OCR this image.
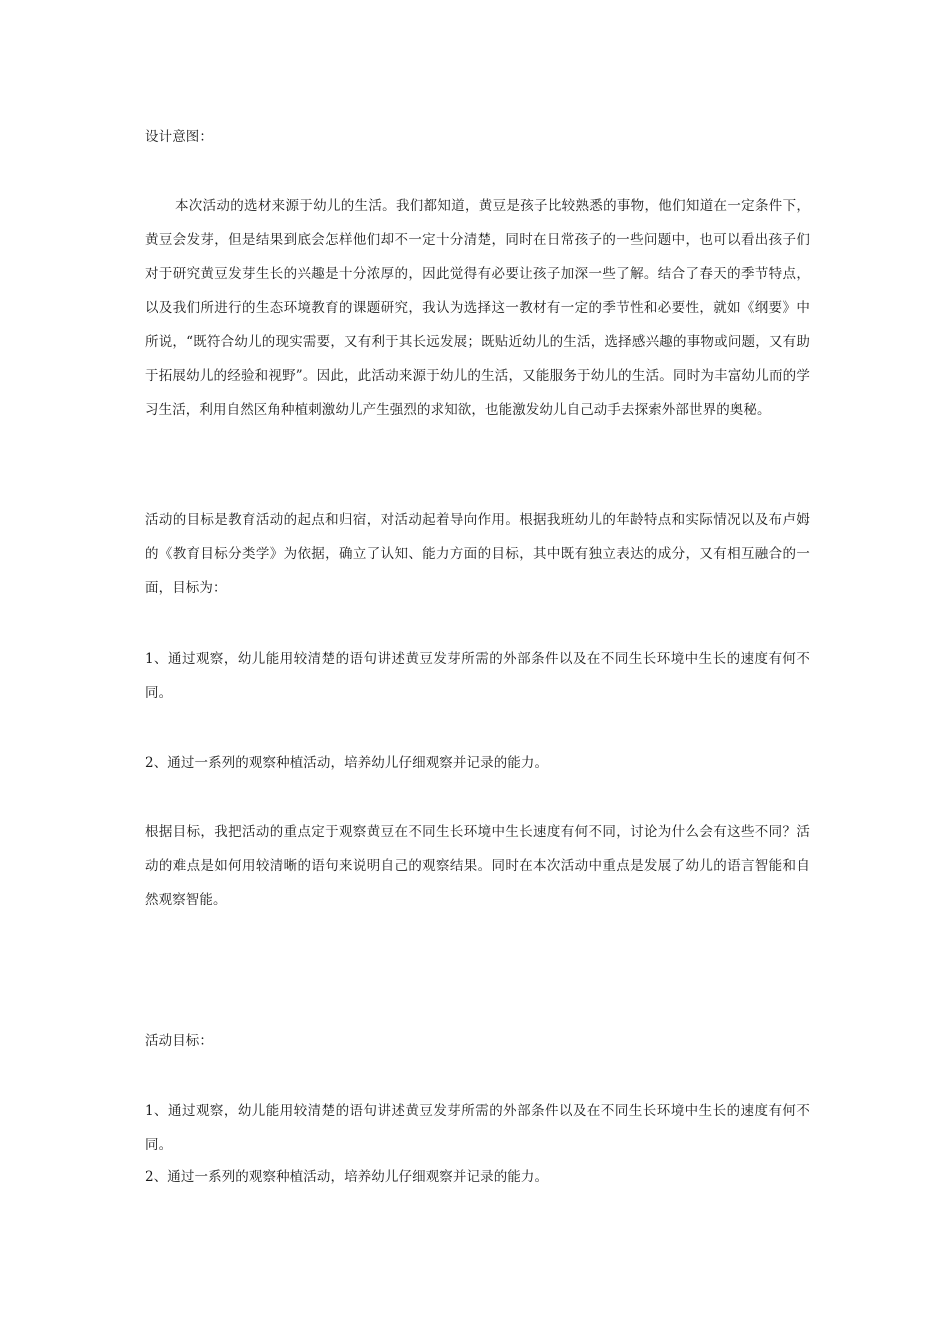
设计意图：

本次活动的选材来源于幼儿的生活。我们都知道，黄豆是孩子比较熟悉的事物，他们知道在一定条件下，黄豆会发芽，但是结果到底会怎样他们却不一定十分清楚，同时在日常孩子的一些问题中，也可以看出孩子们对于研究黄豆发芽生长的兴趣是十分浓厚的，因此觉得有必要让孩子加深一些了解。结合了春天的季节特点，以及我们所进行的生态环境教育的课题研究，我认为选择这一教材有一定的季节性和必要性，就如《纲要》中所说，“既符合幼儿的现实需要，又有利于其长远发展；既贴近幼儿的生活，选择感兴趣的事物或问题，又有助于拓展幼儿的经验和视野”。因此，此活动来源于幼儿的生活，又能服务于幼儿的生活。同时为丰富幼儿而的学习生活，利用自然区角种植刺激幼儿产生强烈的求知欲，也能激发幼儿自己动手去探索外部世界的奥秘。

活动的目标是教育活动的起点和归宿，对活动起着导向作用。根据我班幼儿的年龄特点和实际情况以及布卢姆的《教育目标分类学》为依据，确立了认知、能力方面的目标，其中既有独立表达的成分，又有相互融合的一面，目标为：

1、通过观察，幼儿能用较清楚的语句讲述黄豆发芽所需的外部条件以及在不同生长环境中生长的速度有何不同。

2、通过一系列的观察种植活动，培养幼儿仔细观察并记录的能力。

根据目标，我把活动的重点定于观察黄豆在不同生长环境中生长速度有何不同，讨论为什么会有这些不同？活动的难点是如何用较清晰的语句来说明自己的观察结果。同时在本次活动中重点是发展了幼儿的语言智能和自然观察智能。

活动目标：

1、通过观察，幼儿能用较清楚的语句讲述黄豆发芽所需的外部条件以及在不同生长环境中生长的速度有何不同。

2、通过一系列的观察种植活动，培养幼儿仔细观察并记录的能力。
